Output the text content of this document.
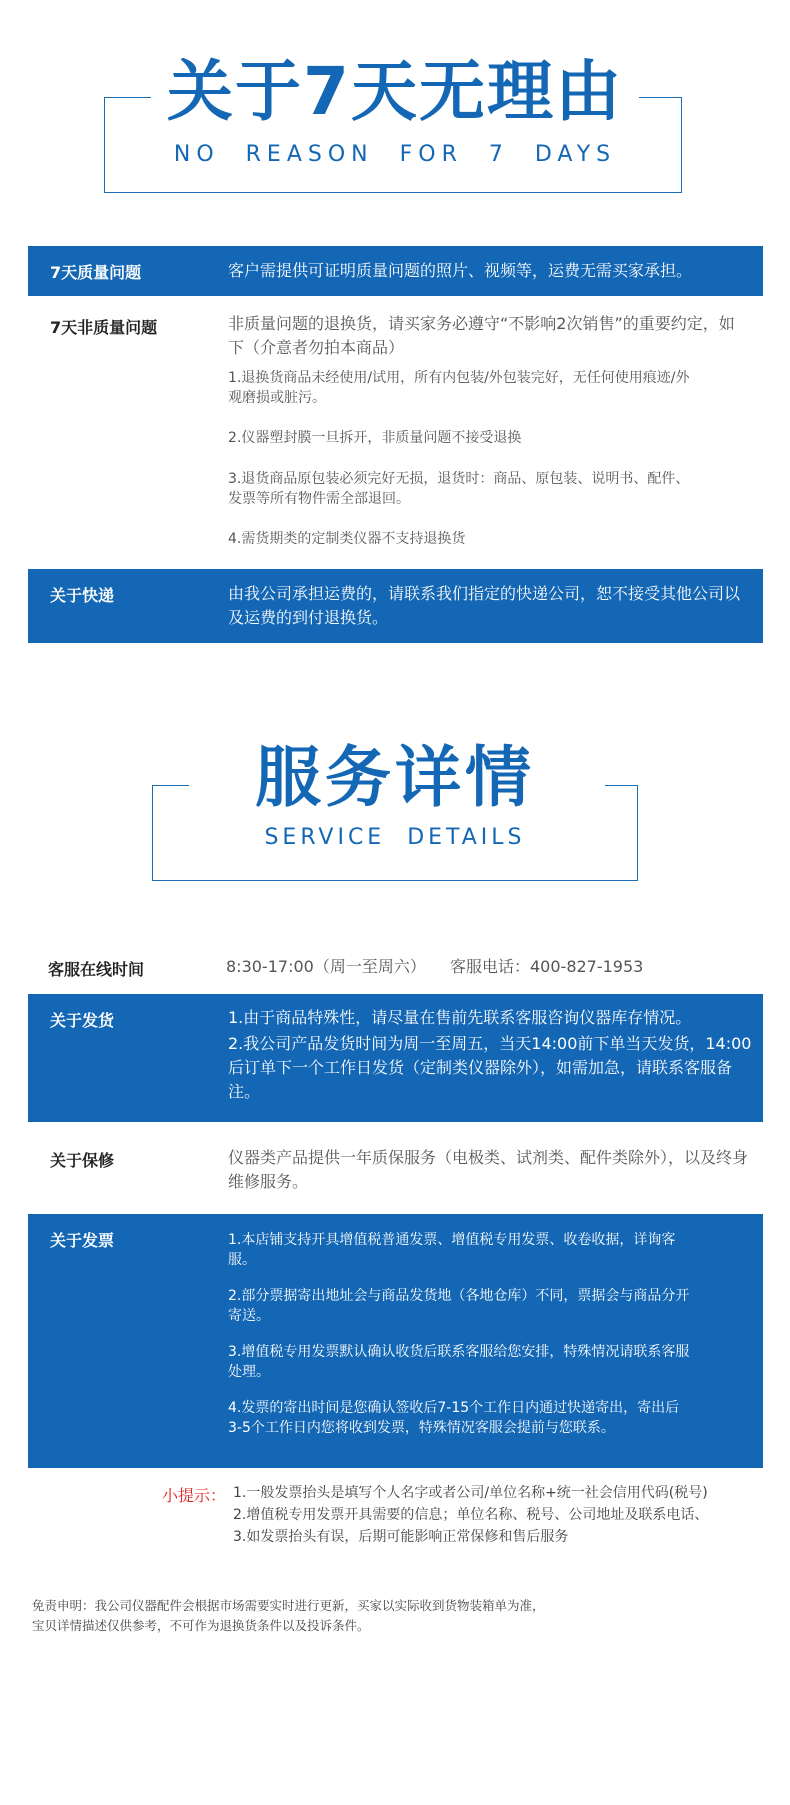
关于7天无理由
NO  REASON  FOR  7  DAYS
7天质量问题	客户需提供可证明质量问题的照片、视频等，运费无需买家承担。
7天非质量问题	非质量问题的退换货，请买家务必遵守“不影响2次销售”的重要约定，如下（介意者勿拍本商品）
1.退换货商品未经使用/试用，所有内包装/外包装完好，无任何使用痕迹/外观磨损或脏污。
2.仪器塑封膜一旦拆开，非质量问题不接受退换
3.退货商品原包装必须完好无损，退货时：商品、原包装、说明书、配件、发票等所有物件需全部退回。
4.需货期类的定制类仪器不支持退换货
关于快递	由我公司承担运费的，请联系我们指定的快递公司，恕不接受其他公司以及运费的到付退换货。
服务详情
SERVICE  DETAILS
客服在线时间	8:30-17:00（周一至周六） 客服电话：400-827-1953
关于发货	1.由于商品特殊性，请尽量在售前先联系客服咨询仪器库存情况。
2.我公司产品发货时间为周一至周五，当天14:00前下单当天发货，14:00后订单下一个工作日发货（定制类仪器除外），如需加急，请联系客服备注。
关于保修	仪器类产品提供一年质保服务（电极类、试剂类、配件类除外），以及终身维修服务。
关于发票	1.本店铺支持开具增值税普通发票、增值税专用发票、收卷收据，详询客服。
2.部分票据寄出地址会与商品发货地（各地仓库）不同，票据会与商品分开寄送。
3.增值税专用发票默认确认收货后联系客服给您安排，特殊情况请联系客服处理。
4.发票的寄出时间是您确认签收后7-15个工作日内通过快递寄出，寄出后3-5个工作日内您将收到发票，特殊情况客服会提前与您联系。
小提示： 1.一般发票抬头是填写个人名字或者公司/单位名称+统一社会信用代码(税号)
2.增值税专用发票开具需要的信息；单位名称、税号、公司地址及联系电话、
3.如发票抬头有误，后期可能影响正常保修和售后服务
免责申明：我公司仪器配件会根据市场需要实时进行更新，买家以实际收到货物装箱单为准，
宝贝详情描述仅供参考，不可作为退换货条件以及投诉条件。
